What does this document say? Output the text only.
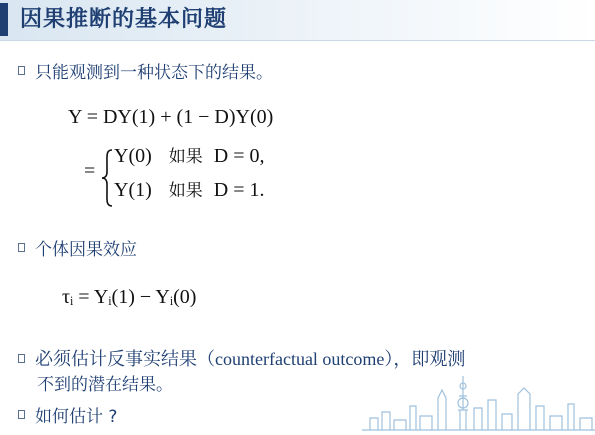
因果推断的基本问题
只能观测到一种状态下的结果。
Y = DY(1) + (1 − D)Y(0)
=
Y(0) 如果 D = 0,
Y(1) 如果 D = 1.
个体因果效应
τᵢ = Yᵢ(1) − Yᵢ(0)
必须估计反事实结果（counterfactual outcome），即观测
不到的潜在结果。
如何估计 ?
